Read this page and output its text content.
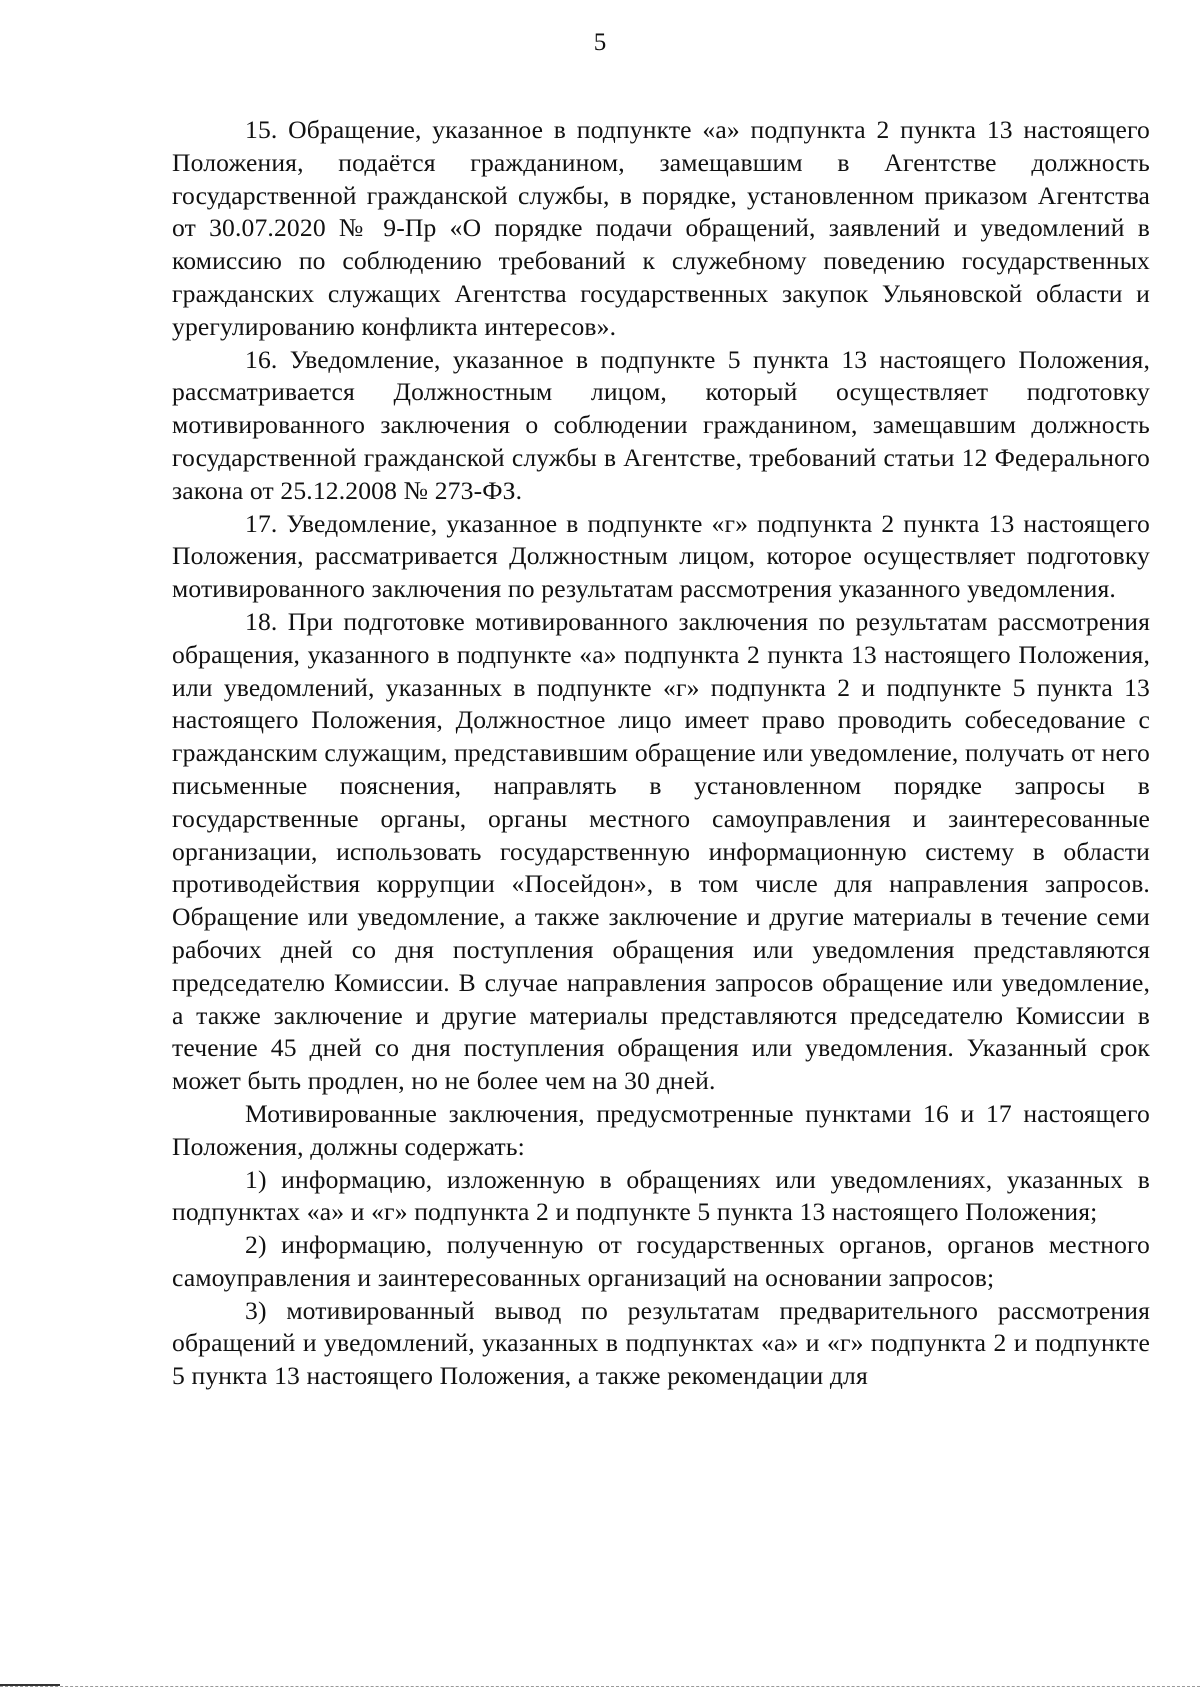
5

15. Обращение, указанное в подпункте «а» подпункта 2 пункта 13 настоящего Положения, подаётся гражданином, замещавшим в Агентстве должность государственной гражданской службы, в порядке, установленном приказом Агентства от 30.07.2020 № 9-Пр «О порядке подачи обращений, заявлений и уведомлений в комиссию по соблюдению требований к служебному поведению государственных гражданских служащих Агентства государственных закупок Ульяновской области и урегулированию конфликта интересов».

16. Уведомление, указанное в подпункте 5 пункта 13 настоящего Положения, рассматривается Должностным лицом, который осуществляет подготовку мотивированного заключения о соблюдении гражданином, замещавшим должность государственной гражданской службы в Агентстве, требований статьи 12 Федерального закона от 25.12.2008 № 273-ФЗ.

17. Уведомление, указанное в подпункте «г» подпункта 2 пункта 13 настоящего Положения, рассматривается Должностным лицом, которое осуществляет подготовку мотивированного заключения по результатам рассмотрения указанного уведомления.

18. При подготовке мотивированного заключения по результатам рассмотрения обращения, указанного в подпункте «а» подпункта 2 пункта 13 настоящего Положения, или уведомлений, указанных в подпункте «г» подпункта 2 и подпункте 5 пункта 13 настоящего Положения, Должностное лицо имеет право проводить собеседование с гражданским служащим, представившим обращение или уведомление, получать от него письменные пояснения, направлять в установленном порядке запросы в государственные органы, органы местного самоуправления и заинтересованные организации, использовать государственную информационную систему в области противодействия коррупции «Посейдон», в том числе для направления запросов. Обращение или уведомление, а также заключение и другие материалы в течение семи рабочих дней со дня поступления обращения или уведомления представляются председателю Комиссии. В случае направления запросов обращение или уведомление, а также заключение и другие материалы представляются председателю Комиссии в течение 45 дней со дня поступления обращения или уведомления. Указанный срок может быть продлен, но не более чем на 30 дней.

Мотивированные заключения, предусмотренные пунктами 16 и 17 настоящего Положения, должны содержать:

1) информацию, изложенную в обращениях или уведомлениях, указанных в подпунктах «а» и «г» подпункта 2 и подпункте 5 пункта 13 настоящего Положения;

2) информацию, полученную от государственных органов, органов местного самоуправления и заинтересованных организаций на основании запросов;

3) мотивированный вывод по результатам предварительного рассмотрения обращений и уведомлений, указанных в подпунктах «а» и «г» подпункта 2 и подпункте 5 пункта 13 настоящего Положения, а также рекомендации для
